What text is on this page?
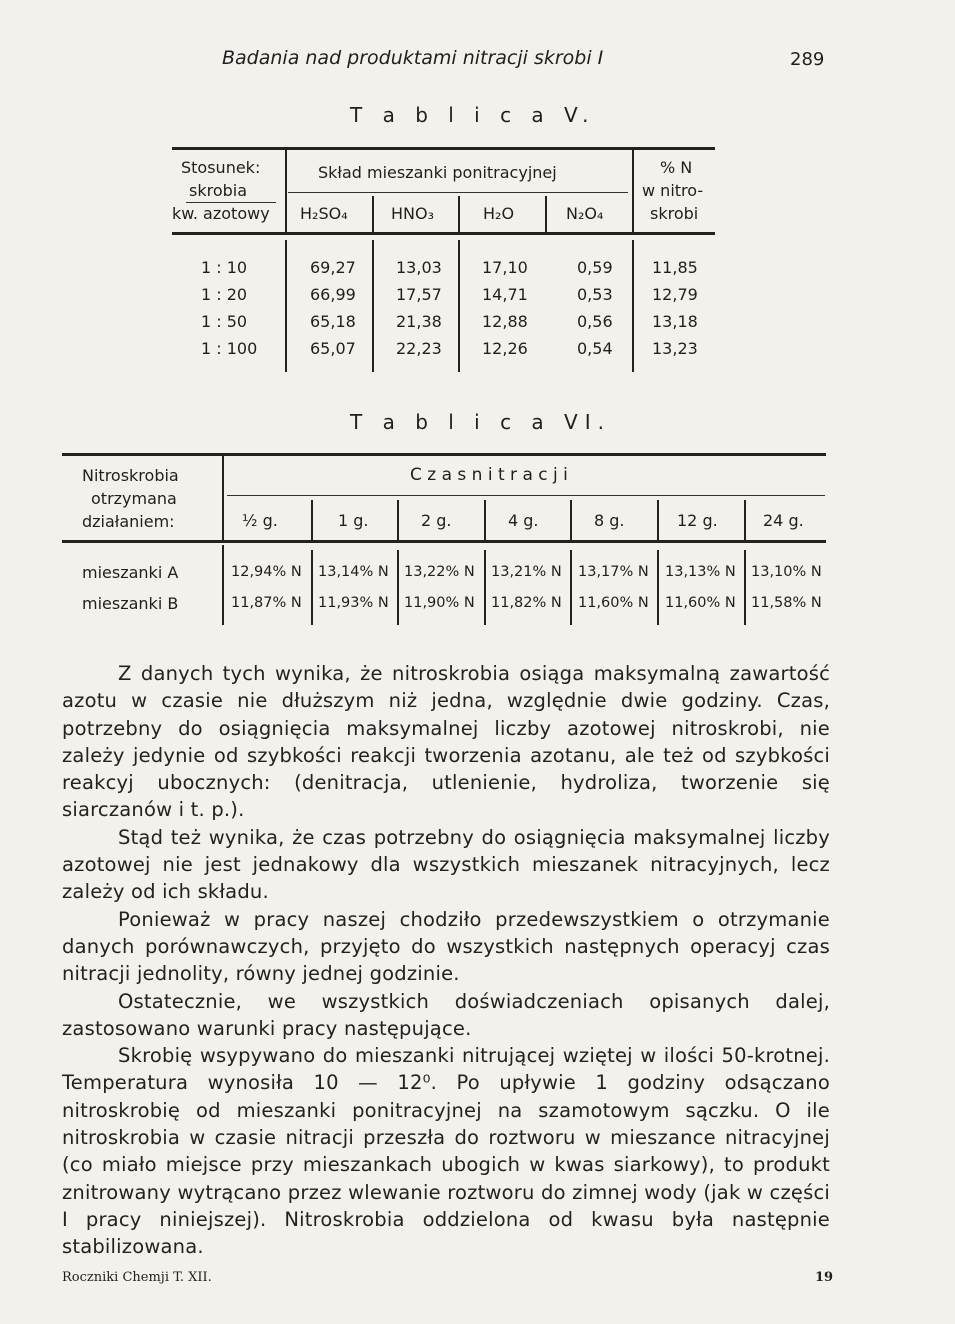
Badania nad produktami nitracji skrobi I	289
T a b l i c a V.
Stosunek:
skrobia
kw. azotowy
Skład mieszanki ponitracyjnej
H₂SO₄	HNO₃	H₂O	N₂O₄
% N
w nitro-
skrobi
1 : 10	69,27	13,03	17,10	0,59 11,85
1 : 20	66,99	17,57	14,71	0,53 12,79
1 : 50	65,18	21,38	12,88	0,56 13,18
1 : 100	65,07	22,23	12,26	0,54 13,23
T a b l i c a VI.
Nitroskrobia
otrzymana
działaniem:
C z a s n i t r a c j i
½ g.	1 g.	2 g.	4 g.	8 g.	12 g.	24 g.
mieszanki A	12,94% N 13,14% N 13,22% N 13,21% N 13,17% N 13,13% N 13,10% N
mieszanki B	11,87% N 11,93% N 11,90% N 11,82% N 11,60% N 11,60% N 11,58% N

Z danych tych wynika, że nitroskrobia osiąga maksymalną zawartość azotu w czasie nie dłuższym niż jedna, względnie dwie godziny. Czas, potrzebny do osiągnięcia maksymalnej liczby azotowej nitroskrobi, nie zależy jedynie od szybkości reakcji tworzenia azotanu, ale też od szybkości reakcyj ubocznych: (denitracja, utlenienie, hydroliza, tworzenie się siarczanów i t. p.).

Stąd też wynika, że czas potrzebny do osiągnięcia maksymalnej liczby azotowej nie jest jednakowy dla wszystkich mieszanek nitracyjnych, lecz zależy od ich składu.

Ponieważ w pracy naszej chodziło przedewszystkiem o otrzymanie danych porównawczych, przyjęto do wszystkich następnych operacyj czas nitracji jednolity, równy jednej godzinie.

Ostatecznie, we wszystkich doświadczeniach opisanych dalej, zastosowano warunki pracy następujące.

Skrobię wsypywano do mieszanki nitrującej wziętej w ilości 50-krotnej. Temperatura wynosiła 10 — 12⁰. Po upływie 1 godziny odsączano nitroskrobię od mieszanki ponitracyjnej na szamotowym sączku. O ile nitroskrobia w czasie nitracji przeszła do roztworu w mieszance nitracyjnej (co miało miejsce przy mieszankach ubogich w kwas siarkowy), to produkt znitrowany wytrącano przez wlewanie roztworu do zimnej wody (jak w części I pracy niniejszej). Nitroskrobia oddzielona od kwasu była następnie stabilizowana.

Roczniki Chemji T. XII.	19
